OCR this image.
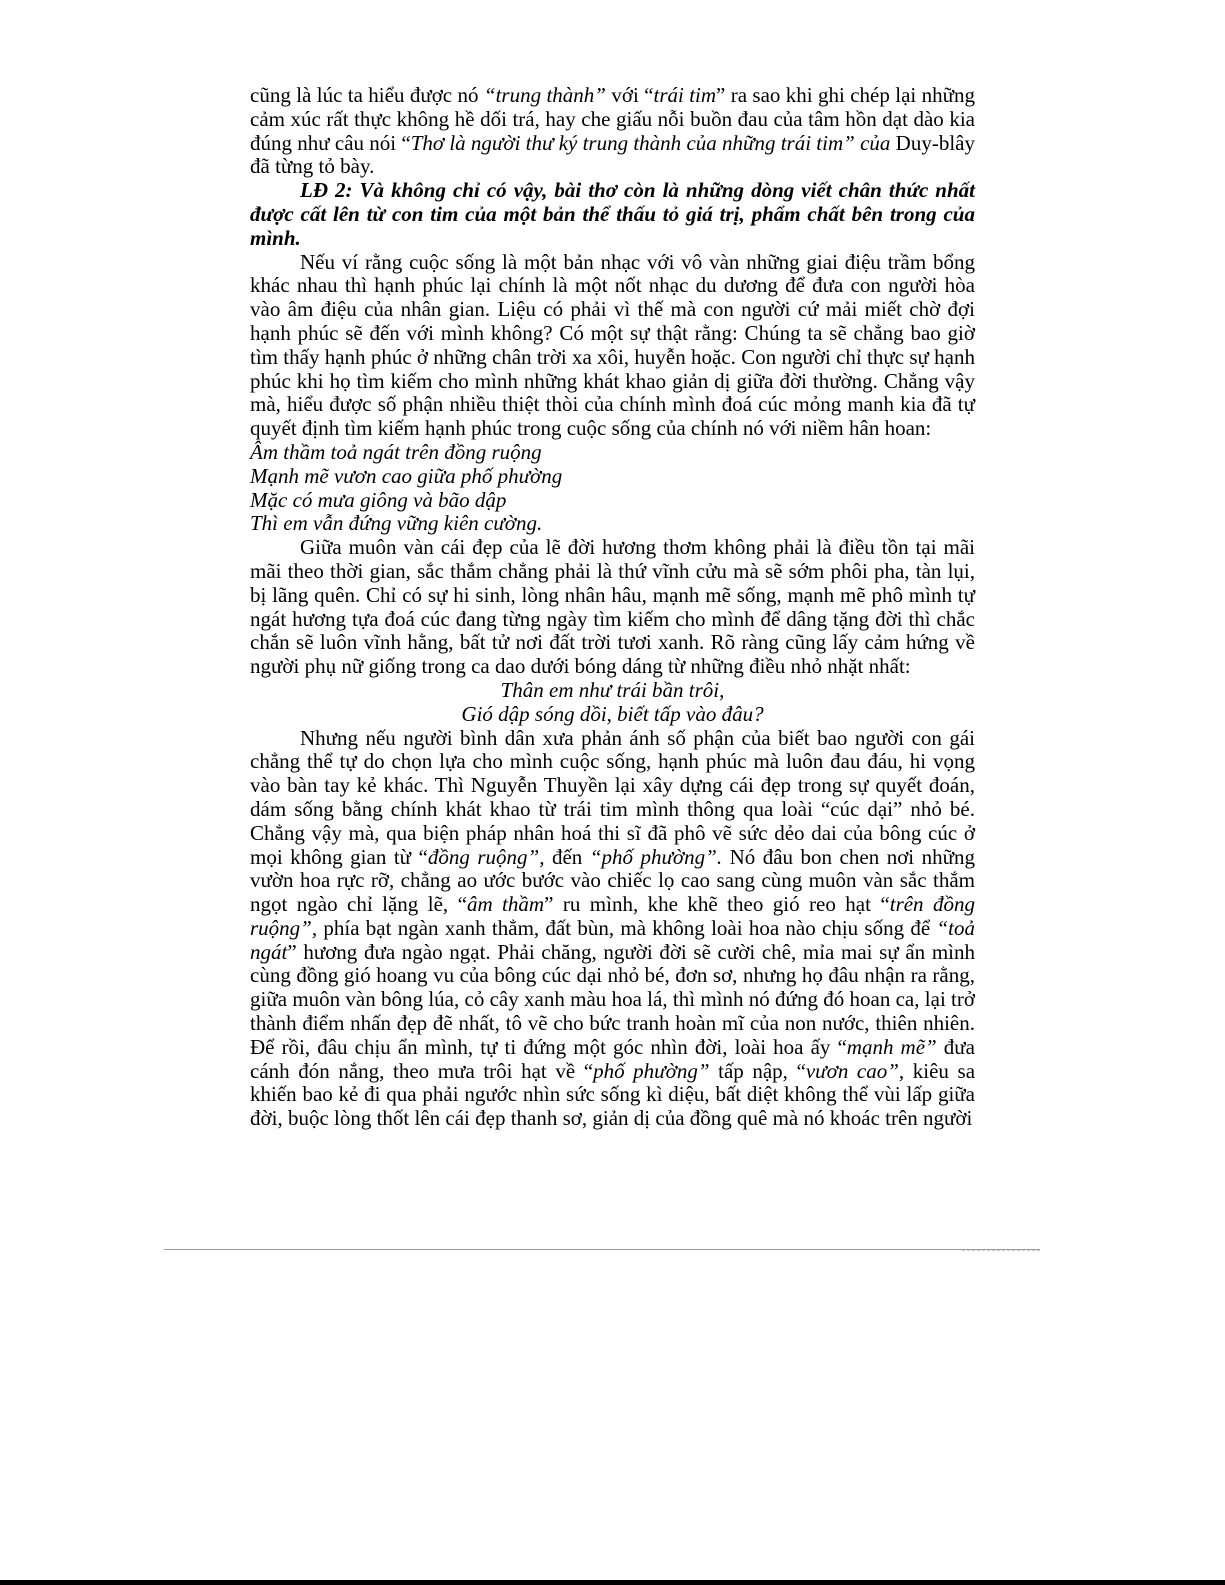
cũng là lúc ta hiểu được nó “trung thành” với “trái tim” ra sao khi ghi chép lại những cảm xúc rất thực không hề dối trá, hay che giấu nỗi buồn đau của tâm hồn dạt dào kia đúng như câu nói “Thơ là người thư ký trung thành của những trái tim” của Duy-blây đã từng tỏ bày.

LĐ 2: Và không chỉ có vậy, bài thơ còn là những dòng viết chân thức nhất được cất lên từ con tim của một bản thể thấu tỏ giá trị, phẩm chất bên trong của mình.

Nếu ví rằng cuộc sống là một bản nhạc với vô vàn những giai điệu trầm bổng khác nhau thì hạnh phúc lại chính là một nốt nhạc du dương để đưa con người hòa vào âm điệu của nhân gian. Liệu có phải vì thế mà con người cứ mải miết chờ đợi hạnh phúc sẽ đến với mình không? Có một sự thật rằng: Chúng ta sẽ chẳng bao giờ tìm thấy hạnh phúc ở những chân trời xa xôi, huyễn hoặc. Con người chỉ thực sự hạnh phúc khi họ tìm kiếm cho mình những khát khao giản dị giữa đời thường. Chẳng vậy mà, hiểu được số phận nhiều thiệt thòi của chính mình đoá cúc mỏng manh kia đã tự quyết định tìm kiếm hạnh phúc trong cuộc sống của chính nó với niềm hân hoan:

Âm thầm toả ngát trên đồng ruộng
Mạnh mẽ vươn cao giữa phố phường
Mặc có mưa giông và bão dập
Thì em vẫn đứng vững kiên cường.

Giữa muôn vàn cái đẹp của lẽ đời hương thơm không phải là điều tồn tại mãi mãi theo thời gian, sắc thắm chẳng phải là thứ vĩnh cửu mà sẽ sớm phôi pha, tàn lụi, bị lãng quên. Chỉ có sự hi sinh, lòng nhân hâu, mạnh mẽ sống, mạnh mẽ phô mình tự ngát hương tựa đoá cúc đang từng ngày tìm kiếm cho mình để dâng tặng đời thì chắc chắn sẽ luôn vĩnh hằng, bất tử nơi đất trời tươi xanh. Rõ ràng cũng lấy cảm hứng về người phụ nữ giống trong ca dao dưới bóng dáng từ những điều nhỏ nhặt nhất:

Thân em như trái bần trôi,
Gió dập sóng dồi, biết tấp vào đâu?

Nhưng nếu người bình dân xưa phản ánh số phận của biết bao người con gái chẳng thể tự do chọn lựa cho mình cuộc sống, hạnh phúc mà luôn đau đáu, hi vọng vào bàn tay kẻ khác. Thì Nguyễn Thuyền lại xây dựng cái đẹp trong sự quyết đoán, dám sống bằng chính khát khao từ trái tim mình thông qua loài “cúc dại” nhỏ bé. Chẳng vậy mà, qua biện pháp nhân hoá thi sĩ đã phô vẽ sức dẻo dai của bông cúc ở mọi không gian từ “đồng ruộng”, đến “phố phường”. Nó đâu bon chen nơi những vườn hoa rực rỡ, chẳng ao ước bước vào chiếc lọ cao sang cùng muôn vàn sắc thắm ngọt ngào chỉ lặng lẽ, “âm thầm” ru mình, khe khẽ theo gió reo hạt “trên đồng ruộng”, phía bạt ngàn xanh thẳm, đất bùn, mà không loài hoa nào chịu sống để “toả ngát” hương đưa ngào ngạt. Phải chăng, người đời sẽ cười chê, mỉa mai sự ẩn mình cùng đồng gió hoang vu của bông cúc dại nhỏ bé, đơn sơ, nhưng họ đâu nhận ra rằng, giữa muôn vàn bông lúa, cỏ cây xanh màu hoa lá, thì mình nó đứng đó hoan ca, lại trở thành điểm nhấn đẹp đẽ nhất, tô vẽ cho bức tranh hoàn mĩ của non nước, thiên nhiên. Để rồi, đâu chịu ẩn mình, tự ti đứng một góc nhìn đời, loài hoa ấy “mạnh mẽ” đưa cánh đón nắng, theo mưa trôi hạt về “phố phường” tấp nập, “vươn cao”, kiêu sa khiến bao kẻ đi qua phải ngước nhìn sức sống kì diệu, bất diệt không thể vùi lấp giữa đời, buộc lòng thốt lên cái đẹp thanh sơ, giản dị của đồng quê mà nó khoác trên người
